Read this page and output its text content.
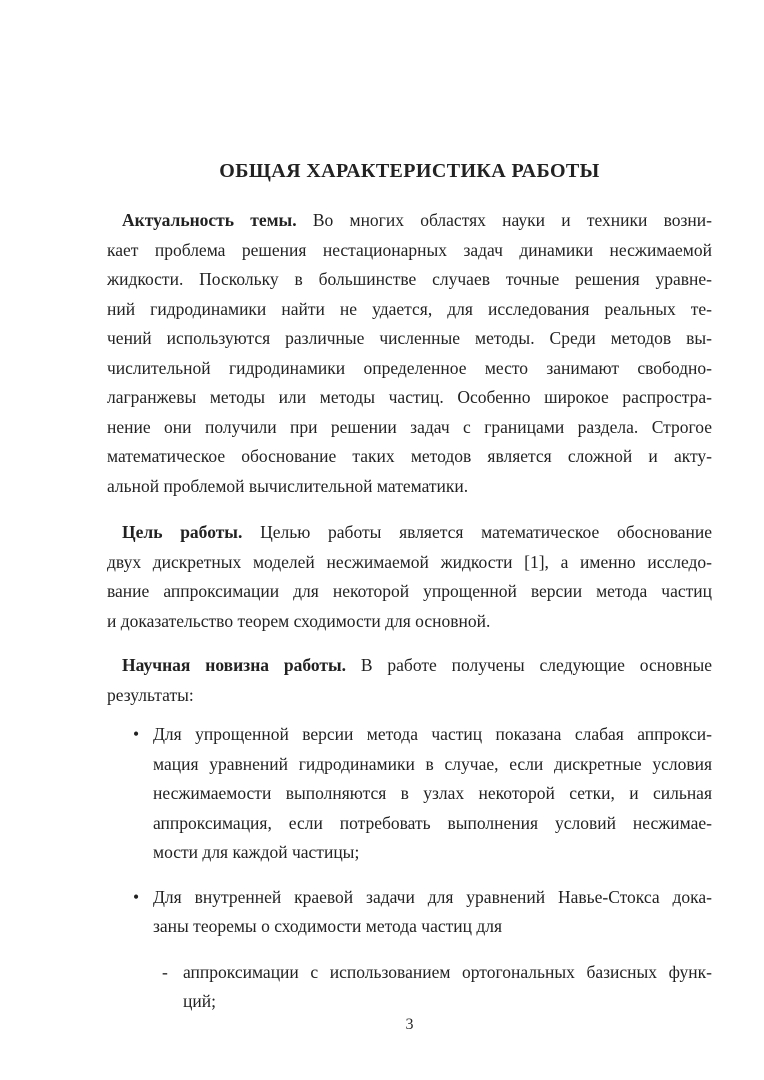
ОБЩАЯ ХАРАКТЕРИСТИКА РАБОТЫ
Актуальность темы. Во многих областях науки и техники возни-
кает проблема решения нестационарных задач динамики несжимаемой
жидкости. Поскольку в большинстве случаев точные решения уравне-
ний гидродинамики найти не удается, для исследования реальных те-
чений используются различные численные методы. Среди методов вы-
числительной гидродинамики определенное место занимают свободно-
лагранжевы методы или методы частиц. Особенно широкое распростра-
нение они получили при решении задач с границами раздела. Строгое
математическое обоснование таких методов является сложной и акту-
альной проблемой вычислительной математики.
Цель работы. Целью работы является математическое обоснование
двух дискретных моделей несжимаемой жидкости [1], а именно исследо-
вание аппроксимации для некоторой упрощенной версии метода частиц
и доказательство теорем сходимости для основной.
Научная новизна работы. В работе получены следующие основные
результаты:
• Для упрощенной версии метода частиц показана слабая аппрокси-
мация уравнений гидродинамики в случае, если дискретные условия
несжимаемости выполняются в узлах некоторой сетки, и сильная
аппроксимация, если потребовать выполнения условий несжимае-
мости для каждой частицы;
• Для внутренней краевой задачи для уравнений Навье-Стокса дока-
заны теоремы о сходимости метода частиц для
- аппроксимации с использованием ортогональных базисных функ-
ций;
3
